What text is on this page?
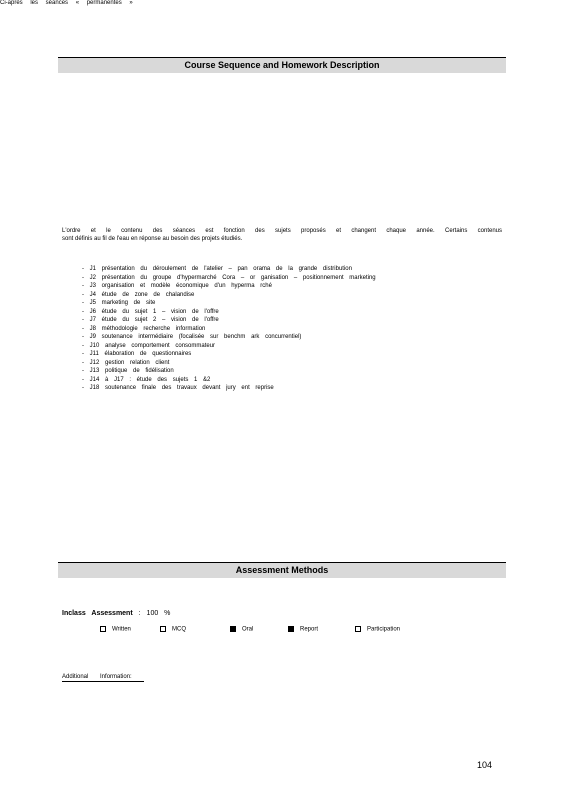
Course Sequence and Homework Description
L'ordre et le contenu des séances est fonction des sujets proposés et changent chaque année. Certains contenus
sont définis au fil de l'eau en réponse au besoin des projets étudiés.
Ci-après les séances « permanentes »
- J1 présentation du déroulement de l'atelier – pan orama de la grande distribution
- J2 présentation du groupe d'hypermarché Cora – or ganisation – positionnement marketing
- J3 organisation et modèle économique d'un hyperma rché
- J4 étude de zone de chalandise
- J5 marketing de site
- J6 étude du sujet 1 – vision de l'offre
- J7 étude du sujet 2 – vision de l'offre
- J8 méthodologie recherche information
- J9 soutenance intermédiaire (focalisée sur benchm ark concurrentiel)
- J10 analyse comportement consommateur
- J11 élaboration de questionnaires
- J12 gestion relation client
- J13 politique de fidélisation
- J14 à J17 : étude des sujets 1 &2
- J18 soutenance finale des travaux devant jury ent reprise
Assessment Methods
Inclass Assessment : 100 %
Written	MCQ	Oral	Report	Participation
Additional Information:
104
